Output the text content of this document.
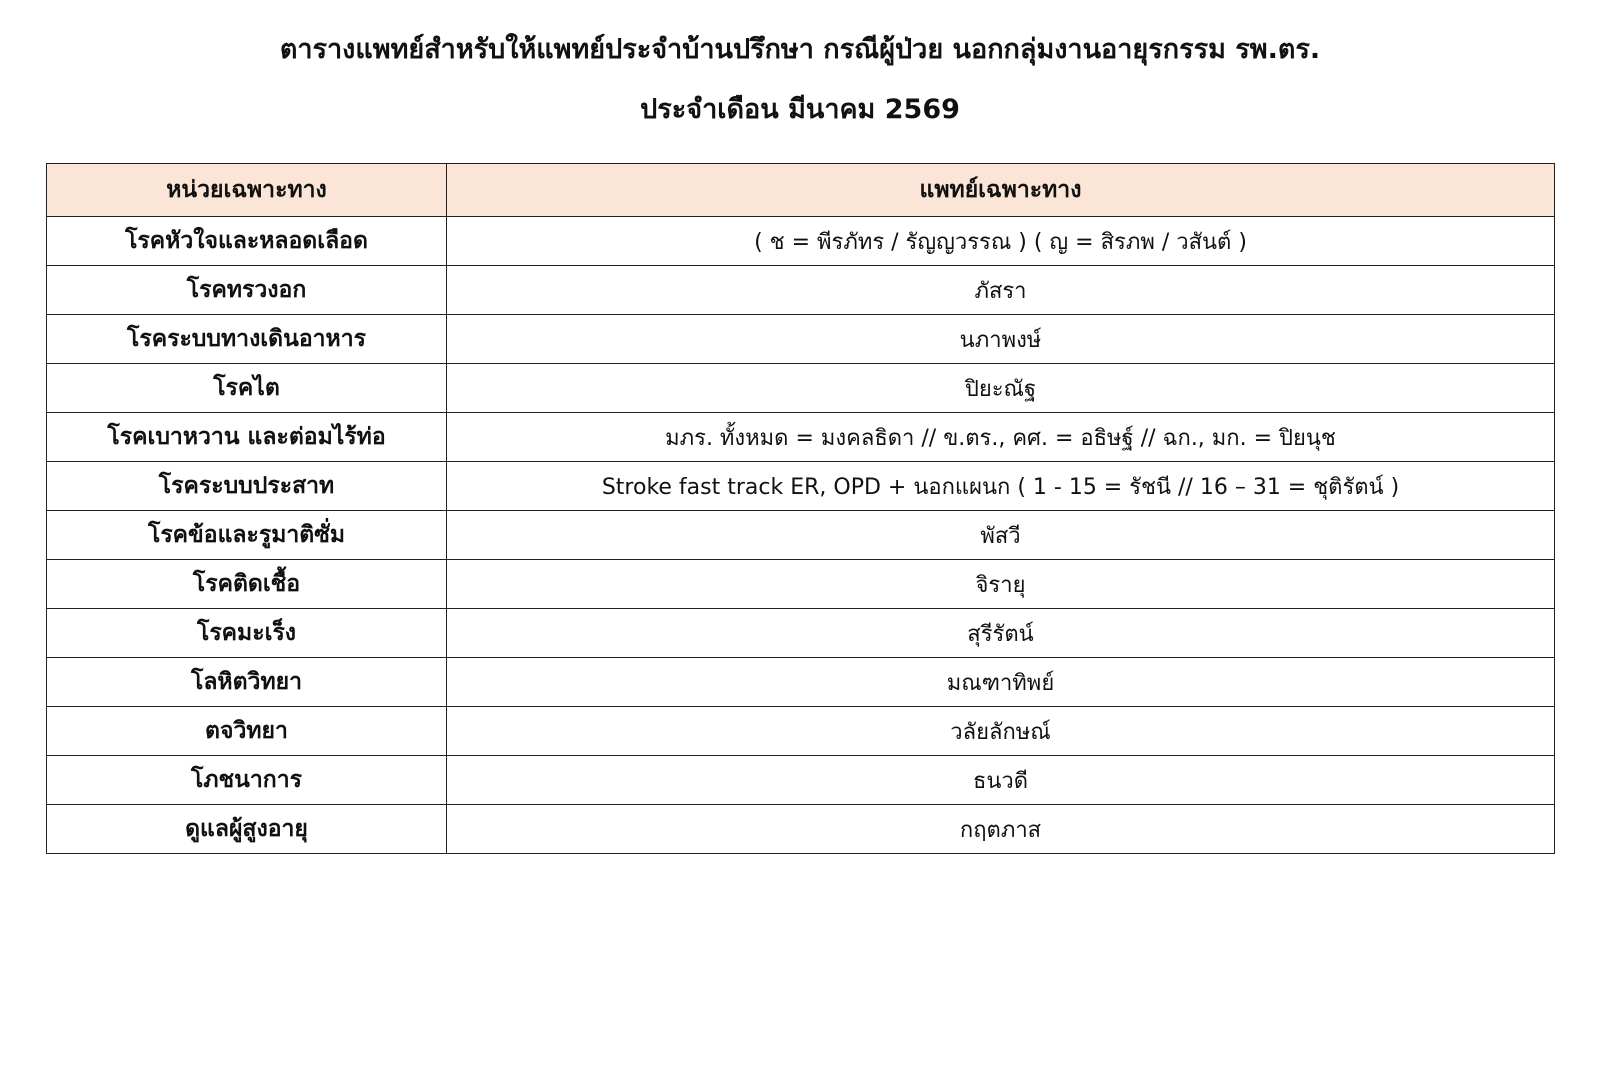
ตารางแพทย์สำหรับให้แพทย์ประจำบ้านปรึกษา กรณีผู้ป่วย นอกกลุ่มงานอายุรกรรม รพ.ตร.
ประจำเดือน มีนาคม 2569
หน่วยเฉพาะทาง	แพทย์เฉพาะทาง
โรคหัวใจและหลอดเลือด	( ช = พีรภัทร / รัญญวรรณ ) ( ญ = สิรภพ / วสันต์ )
โรคทรวงอก	ภัสรา
โรคระบบทางเดินอาหาร	นภาพงษ์
โรคไต	ปิยะณัฐ
โรคเบาหวาน และต่อมไร้ท่อ	มภร. ทั้งหมด = มงคลธิดา // ข.ตร., คศ. = อธิษฐ์ // ฉก., มก. = ปิยนุช
โรคระบบประสาท	Stroke fast track ER, OPD + นอกแผนก ( 1 - 15 = รัชนี // 16 – 31 = ชุติรัตน์ )
โรคข้อและรูมาติซั่ม	พัสวี
โรคติดเชื้อ	จิรายุ
โรคมะเร็ง	สุรีรัตน์
โลหิตวิทยา	มณฑาทิพย์
ตจวิทยา	วลัยลักษณ์
โภชนาการ	ธนวดี
ดูแลผู้สูงอายุ	กฤตภาส
